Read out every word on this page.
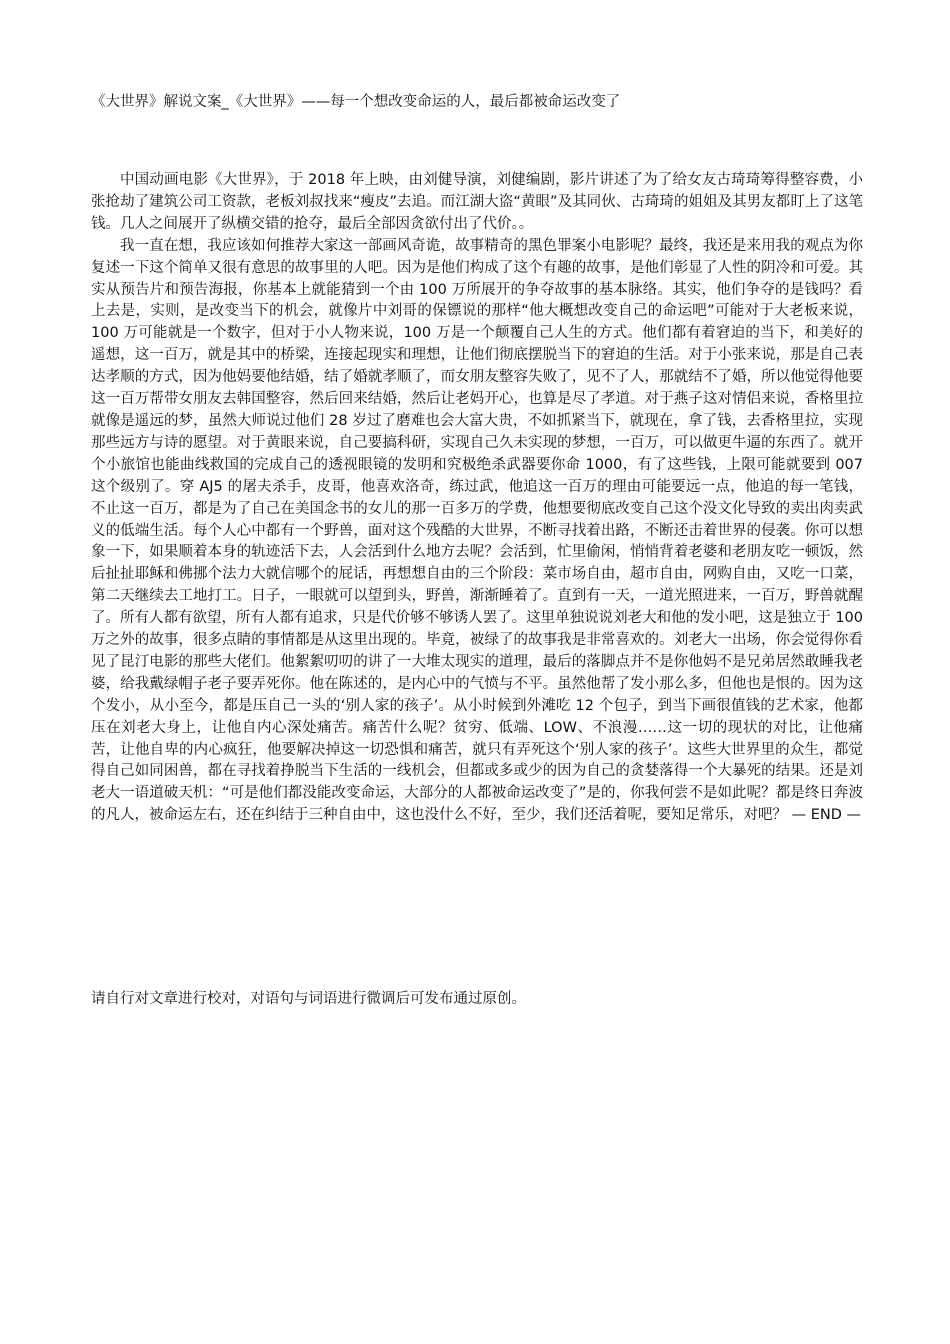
《大世界》解说文案_《大世界》——每一个想改变命运的人，最后都被命运改变了

中国动画电影《大世界》，于 2018 年上映，由刘健导演，刘健编剧，影片讲述了为了给女友古琦琦筹得整容费，小张抢劫了建筑公司工资款，老板刘叔找来“瘦皮”去追。而江湖大盗“黄眼”及其同伙、古琦琦的姐姐及其男友都盯上了这笔钱。几人之间展开了纵横交错的抢夺，最后全部因贪欲付出了代价。。

我一直在想，我应该如何推荐大家这一部画风奇诡，故事精奇的黑色罪案小电影呢？最终，我还是来用我的观点为你复述一下这个简单又很有意思的故事里的人吧。因为是他们构成了这个有趣的故事，是他们彰显了人性的阴冷和可爱。其实从预告片和预告海报，你基本上就能猜到一个由 100 万所展开的争夺故事的基本脉络。其实，他们争夺的是钱吗？看上去是，实则，是改变当下的机会，就像片中刘哥的保镖说的那样“他大概想改变自己的命运吧”可能对于大老板来说，100 万可能就是一个数字，但对于小人物来说，100 万是一个颠覆自己人生的方式。他们都有着窘迫的当下，和美好的遥想，这一百万，就是其中的桥梁，连接起现实和理想，让他们彻底摆脱当下的窘迫的生活。对于小张来说，那是自己表达孝顺的方式，因为他妈要他结婚，结了婚就孝顺了，而女朋友整容失败了，见不了人，那就结不了婚，所以他觉得他要这一百万帮带女朋友去韩国整容，然后回来结婚，然后让老妈开心，也算是尽了孝道。对于燕子这对情侣来说，香格里拉就像是遥远的梦，虽然大师说过他们 28 岁过了磨难也会大富大贵，不如抓紧当下，就现在，拿了钱，去香格里拉，实现那些远方与诗的愿望。对于黄眼来说，自己要搞科研，实现自己久未实现的梦想，一百万，可以做更牛逼的东西了。就开个小旅馆也能曲线救国的完成自己的透视眼镜的发明和究极绝杀武器要你命 1000，有了这些钱，上限可能就要到 007 这个级别了。穿 AJ5 的屠夫杀手，皮哥，他喜欢洛奇，练过武，他追这一百万的理由可能要远一点，他追的每一笔钱，不止这一百万，都是为了自己在美国念书的女儿的那一百多万的学费，他想要彻底改变自己这个没文化导致的卖出肉卖武义的低端生活。每个人心中都有一个野兽，面对这个残酷的大世界，不断寻找着出路，不断还击着世界的侵袭。你可以想象一下，如果顺着本身的轨迹活下去，人会活到什么地方去呢？会活到，忙里偷闲，悄悄背着老婆和老朋友吃一顿饭，然后扯扯耶稣和佛挪个法力大就信哪个的屁话，再想想自由的三个阶段：菜市场自由，超市自由，网购自由，又吃一口菜，第二天继续去工地打工。日子，一眼就可以望到头，野兽，渐渐睡着了。直到有一天，一道光照进来，一百万，野兽就醒了。所有人都有欲望，所有人都有追求，只是代价够不够诱人罢了。这里单独说说刘老大和他的发小吧，这是独立于 100 万之外的故事，很多点睛的事情都是从这里出现的。毕竟，被绿了的故事我是非常喜欢的。刘老大一出场，你会觉得你看见了昆汀电影的那些大佬们。他絮絮叨叨的讲了一大堆太现实的道理，最后的落脚点并不是你他妈不是兄弟居然敢睡我老婆，给我戴绿帽子老子要弄死你。他在陈述的，是内心中的气愤与不平。虽然他帮了发小那么多，但他也是恨的。因为这个发小，从小至今，都是压自己一头的‘别人家的孩子’。从小时候到外滩吃 12 个包子，到当下画很值钱的艺术家，他都压在刘老大身上，让他自内心深处痛苦。痛苦什么呢？贫穷、低端、LOW、不浪漫……这一切的现状的对比，让他痛苦，让他自卑的内心疯狂，他要解决掉这一切恐惧和痛苦，就只有弄死这个‘别人家的孩子’。这些大世界里的众生，都觉得自己如同困兽，都在寻找着挣脱当下生活的一线机会，但都或多或少的因为自己的贪婪落得一个大暴死的结果。还是刘老大一语道破天机：“可是他们都没能改变命运，大部分的人都被命运改变了”是的，你我何尝不是如此呢？都是终日奔波的凡人，被命运左右，还在纠结于三种自由中，这也没什么不好，至少，我们还活着呢，要知足常乐，对吧？ — END —

请自行对文章进行校对，对语句与词语进行微调后可发布通过原创。
